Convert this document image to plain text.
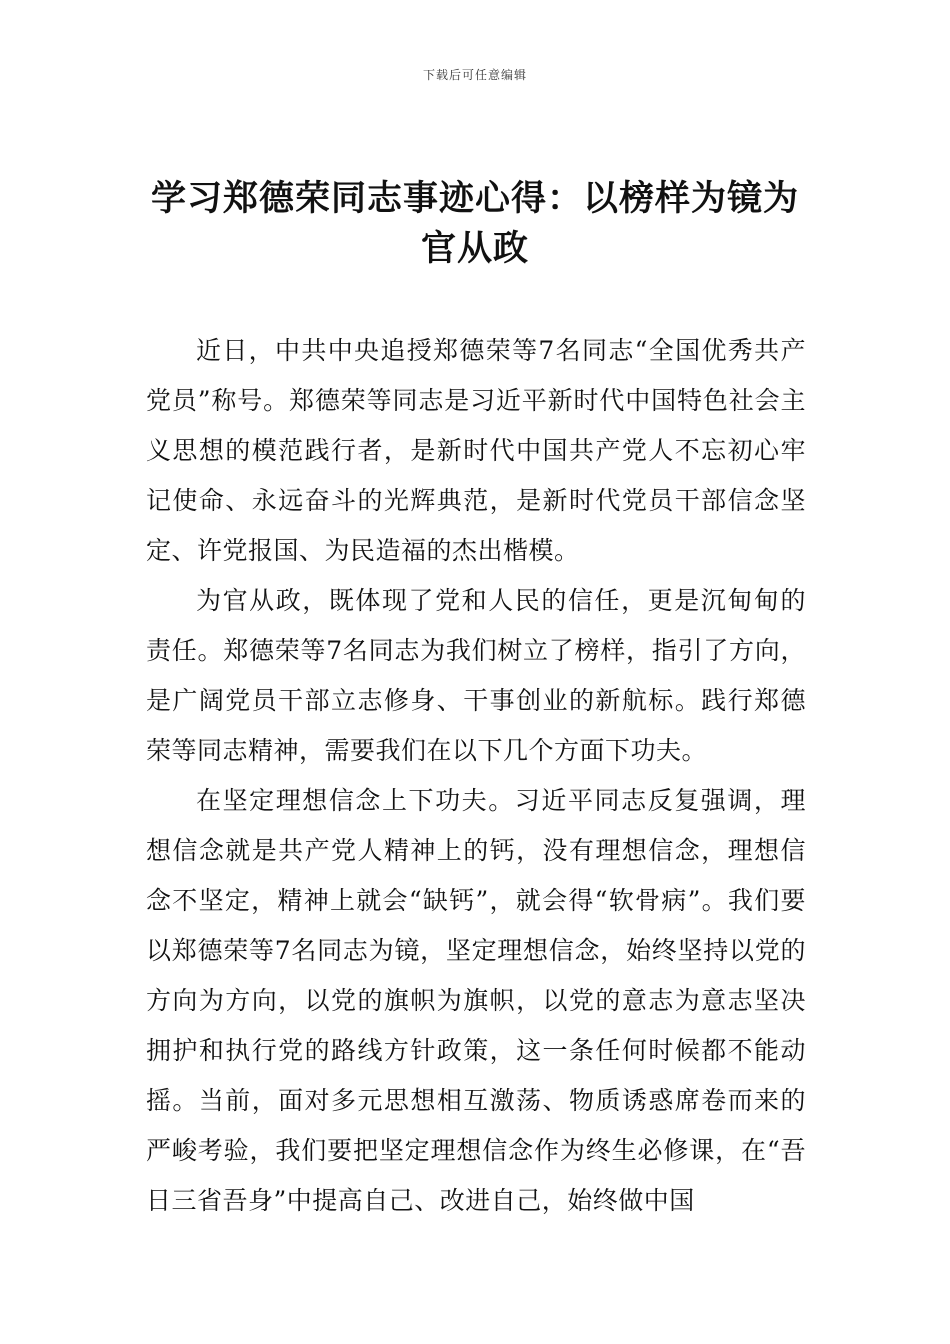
下载后可任意编辑
学习郑德荣同志事迹心得：以榜样为镜为官从政

近日，中共中央追授郑德荣等7名同志“全国优秀共产党员”称号。郑德荣等同志是习近平新时代中国特色社会主义思想的模范践行者，是新时代中国共产党人不忘初心牢记使命、永远奋斗的光辉典范，是新时代党员干部信念坚定、许党报国、为民造福的杰出楷模。

为官从政，既体现了党和人民的信任，更是沉甸甸的责任。郑德荣等7名同志为我们树立了榜样，指引了方向，是广阔党员干部立志修身、干事创业的新航标。践行郑德荣等同志精神，需要我们在以下几个方面下功夫。

在坚定理想信念上下功夫。习近平同志反复强调，理想信念就是共产党人精神上的钙，没有理想信念，理想信念不坚定，精神上就会“缺钙”，就会得“软骨病”。我们要以郑德荣等7名同志为镜，坚定理想信念，始终坚持以党的方向为方向，以党的旗帜为旗帜，以党的意志为意志坚决拥护和执行党的路线方针政策，这一条任何时候都不能动摇。当前，面对多元思想相互激荡、物质诱惑席卷而来的严峻考验，我们要把坚定理想信念作为终生必修课，在“吾日三省吾身”中提高自己、改进自己，始终做中国
